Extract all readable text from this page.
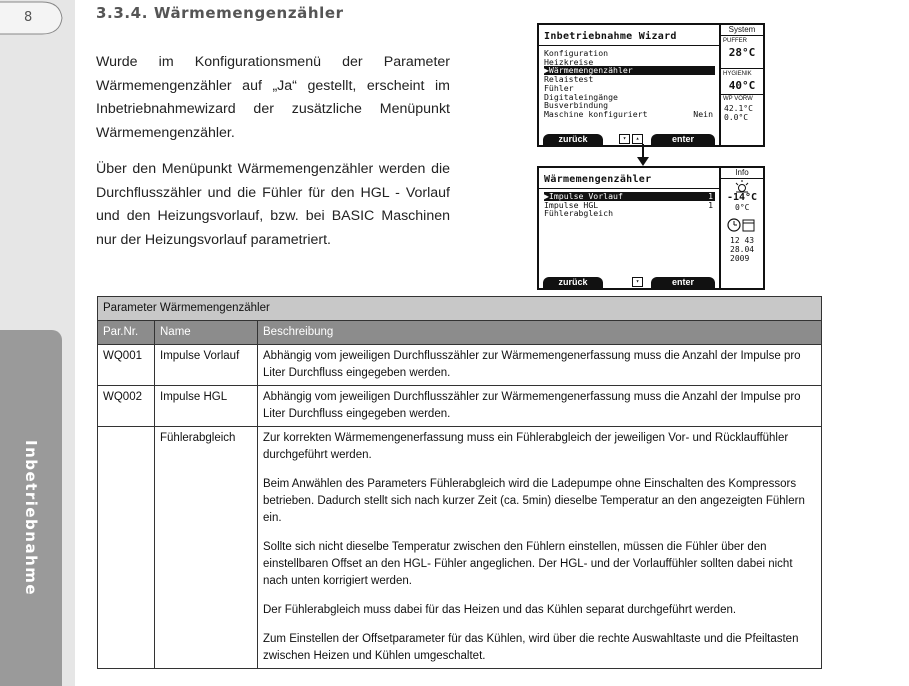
8
Inbetriebnahme
3.3.4. Wärmemengenzähler
Wurde im Konfigurationsmenü der Parameter Wärmemengenzähler auf „Ja“ gestellt, erscheint im Inbetriebnahmewizard der zusätzliche Menüpunkt Wärmemengenzähler.
Über den Menüpunkt Wärmemengenzähler werden die Durchflusszähler und die Fühler für den HGL - Vorlauf und den Heizungsvorlauf, bzw. bei BASIC Maschinen nur der Heizungsvorlauf parametriert.
Inbetriebnahme Wizard
Konfiguration
Heizkreise
▶Wärmemengenzähler
Relaistest
Fühler
Digitaleingänge
Busverbindung
Maschine konfiguriert	Nein
zurück	▾	▴	enter
System
PUFFER
28°C
HYGIENIK
40°C
WP VORW
42.1°C
0.0°C
Wärmemengenzähler
▶Impulse Vorlauf	1
Impulse HGL	1
Fühlerabgleich
zurück	▾	enter
Info
-14°C
0°C
12 43
28.04
2009
Parameter Wärmemengenzähler		
Par.Nr.	Name	Beschreibung
WQ001	Impulse Vorlauf	Abhängig vom jeweiligen Durchflusszähler zur Wärmemengenerfassung muss die Anzahl der Impulse pro Liter Durchfluss eingegeben werden.

WQ002	Impulse HGL	Abhängig vom jeweiligen Durchflusszähler zur Wärmemengenerfassung muss die Anzahl der Impulse pro Liter Durchfluss eingegeben werden.

	Fühlerabgleich	Zur korrekten Wärmemengenerfassung muss ein Fühlerabgleich der jeweiligen Vor- und Rücklauffühler durchgeführt werden.

Beim Anwählen des Parameters Fühlerabgleich wird die Ladepumpe ohne Einschalten des Kompressors betrieben. Dadurch stellt sich nach kurzer Zeit (ca. 5min) dieselbe Temperatur an den angezeigten Fühlern ein.

Sollte sich nicht dieselbe Temperatur zwischen den Fühlern einstellen, müssen die Fühler über den einstellbaren Offset an den HGL- Fühler angeglichen. Der HGL- und der Vorlauffühler sollten dabei nicht nach unten korrigiert werden.

Der Fühlerabgleich muss dabei für das Heizen und das Kühlen separat durchgeführt werden.

Zum Einstellen der Offsetparameter für das Kühlen, wird über die rechte Auswahltaste und die Pfeiltasten zwischen Heizen und Kühlen umgeschaltet.
